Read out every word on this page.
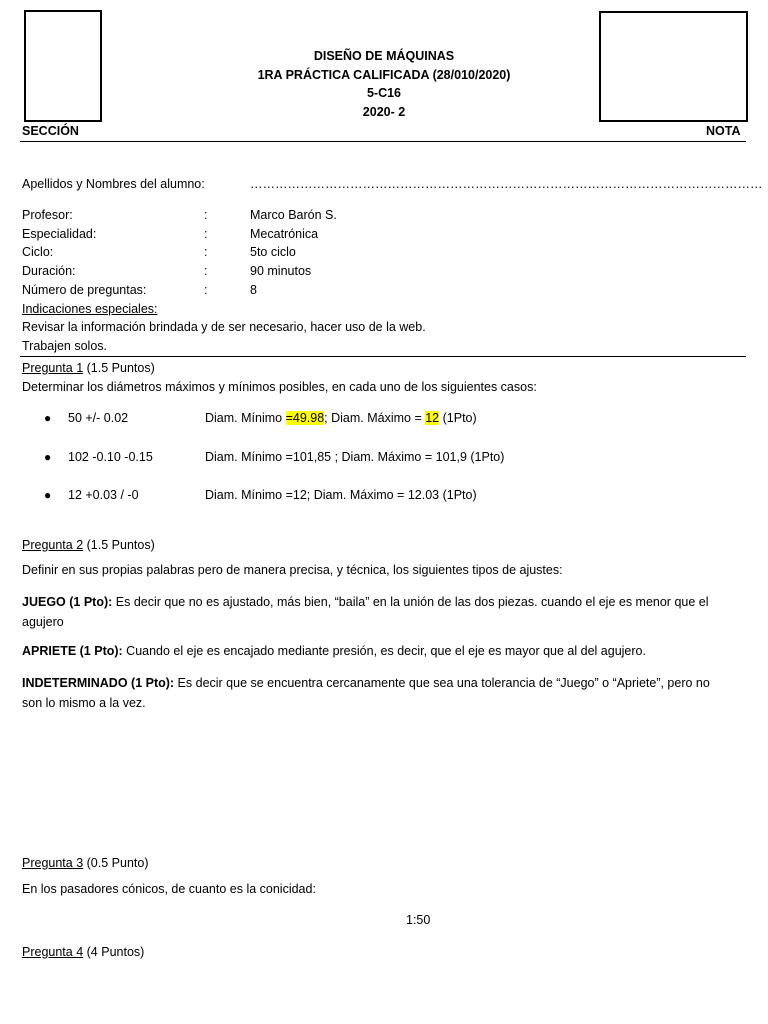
DISEÑO DE MÁQUINAS
1RA PRÁCTICA CALIFICADA (28/010/2020)
5-C16
2020- 2
SECCIÓN	NOTA
Apellidos y Nombres del alumno:	……………………………………………………………………………………………………………
Profesor:	:	Marco Barón S.
Especialidad:	:	Mecatrónica
Ciclo:	:	5to ciclo
Duración:	:	90 minutos
Número de preguntas:	:	8
Indicaciones especiales:
Revisar la información brindada y de ser necesario, hacer uso de la web.
Trabajen solos.
Pregunta 1 (1.5 Puntos)
Determinar los diámetros máximos y mínimos posibles, en cada uno de los siguientes casos:
● 50 +/- 0.02	Diam. Mínimo =49.98; Diam. Máximo = 12 (1Pto)
● 102 -0.10 -0.15	Diam. Mínimo =101,85 ; Diam. Máximo = 101,9 (1Pto)
● 12 +0.03 / -0	Diam. Mínimo =12; Diam. Máximo = 12.03 (1Pto)
Pregunta 2 (1.5 Puntos)
Definir en sus propias palabras pero de manera precisa, y técnica, los siguientes tipos de ajustes:
JUEGO (1 Pto): Es decir que no es ajustado, más bien, “baila” en la unión de las dos piezas. cuando el eje es menor que el agujero
APRIETE (1 Pto): Cuando el eje es encajado mediante presión, es decir, que el eje es mayor que al del agujero.
INDETERMINADO (1 Pto): Es decir que se encuentra cercanamente que sea una tolerancia de “Juego” o “Apriete”, pero no son lo mismo a la vez.
Pregunta 3 (0.5 Punto)
En los pasadores cónicos, de cuanto es la conicidad:
1:50
Pregunta 4 (4 Puntos)
